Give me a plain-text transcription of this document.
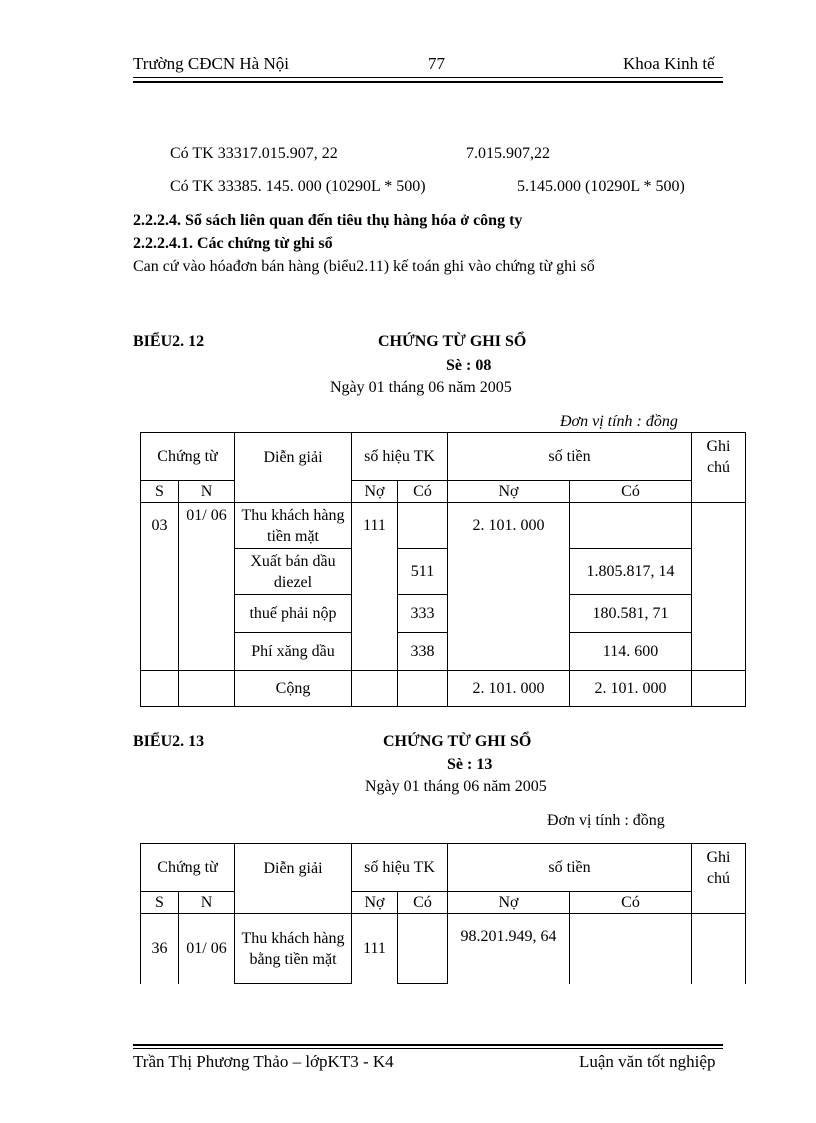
Trường CĐCN Hà Nội	77	Khoa Kinh tế
Có TK 33317.015.907, 22	7.015.907,22
Có TK 33385. 145. 000 (10290L * 500)	5.145.000 (10290L * 500)
2.2.2.4. Sổ sách liên quan đến tiêu thụ hàng hóa ở công ty
2.2.2.4.1. Các chứng từ ghi sổ
Can cứ vào hóađơn bán hàng (biểu2.11) kế toán ghi vào chứng từ ghi sổ
BIỂU2. 12	CHỨNG TỪ GHI SỔ
Sè : 08
Ngày 01 tháng 06 năm 2005
Đơn vị tính : đồng
Chứng từ		Diễn giải	số hiệu TK		số tiền		Ghi chú
S	N		Nợ	Có	Nợ	Có	
03	01/ 06	Thu khách hàng tiền mặt	111		2. 101. 000		
		Xuất bán dầu diezel		511		1.805.817, 14	
		thuế phải nộp		333		180.581, 71	
		Phí xăng dầu		338		114. 600	
		Cộng			2. 101. 000	2. 101. 000	
BIỂU2. 13	CHỨNG TỪ GHI SỔ
Sè : 13
Ngày 01 tháng 06 năm 2005
Đơn vị tính : đồng
Chứng từ		Diễn giải	số hiệu TK		số tiền		Ghi chú
S	N		Nợ	Có	Nợ	Có	
36	01/ 06	Thu khách hàng bằng tiền mặt	111		98.201.949, 64		
Trần Thị Phương Thảo – lớpKT3 - K4	Luận văn tốt nghiệp
